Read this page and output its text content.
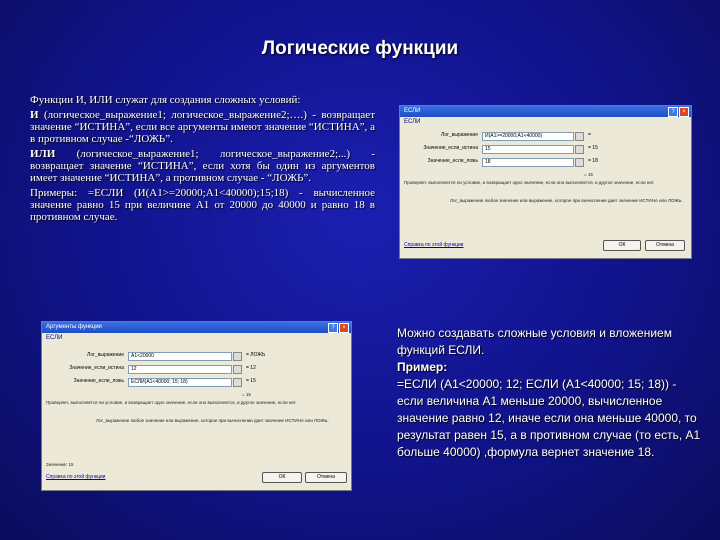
Логические функции

Функции И, ИЛИ служат для создания сложных условий:

И (логическое_выражение1; логическое_выражение2;….) - возвращает значение “ИСТИНА”, если все аргументы имеют значение “ИСТИНА”, а в противном случае -“ЛОЖЬ”.

ИЛИ (логическое_выражение1; логическое_выражение2;...) - возвращает значение “ИСТИНА”, если хотя бы один из аргументов имеет значение “ИСТИНА”, а противном случае - “ЛОЖЬ”.

Примеры: =ЕСЛИ (И(А1>=20000;А1<40000);15;18) - вычисленное значение равно 15 при величине А1 от 20000 до 40000 и равно 18 в противном случае.

ЕСЛИ	?	×
ЕСЛИ
Лог_выражение	И(А1>=20000;А1<40000)	=
Значение_если_истина	15	= 15
Значение_если_ложь	18	= 18
= 15
Проверяет, выполняется ли условие, и возвращает одно значение, если оно выполняется, и другое значение, если нет.
Лог_выражение любое значение или выражение, которое при вычислении дает значение ИСТИНА или ЛОЖЬ.
Справка по этой функции	ОК	Отмена
Аргументы функции	?	×
ЕСЛИ
Лог_выражение	A1<20000	= ЛОЖЬ
Значение_если_истина	12	= 12
Значение_если_ложь	ЕСЛИ(A1<40000; 15; 18)	= 15
= 15
Проверяет, выполняется ли условие, и возвращает одно значение, если оно выполняется, и другое значение, если нет.
Лог_выражение любое значение или выражение, которое при вычислении дает значение ИСТИНА или ЛОЖЬ.
Значение: 15
Справка по этой функции	ОК	Отмена

Можно создавать сложные условия и вложением функций ЕСЛИ.

Пример:

=ЕСЛИ (A1<20000; 12; ЕСЛИ (A1<40000; 15; 18)) - если величина А1 меньше 20000, вычисленное значение равно 12, иначе если она меньше 40000, то результат равен 15, а в противном случае (то есть, А1 больше 40000) ,формула вернет значение 18.
